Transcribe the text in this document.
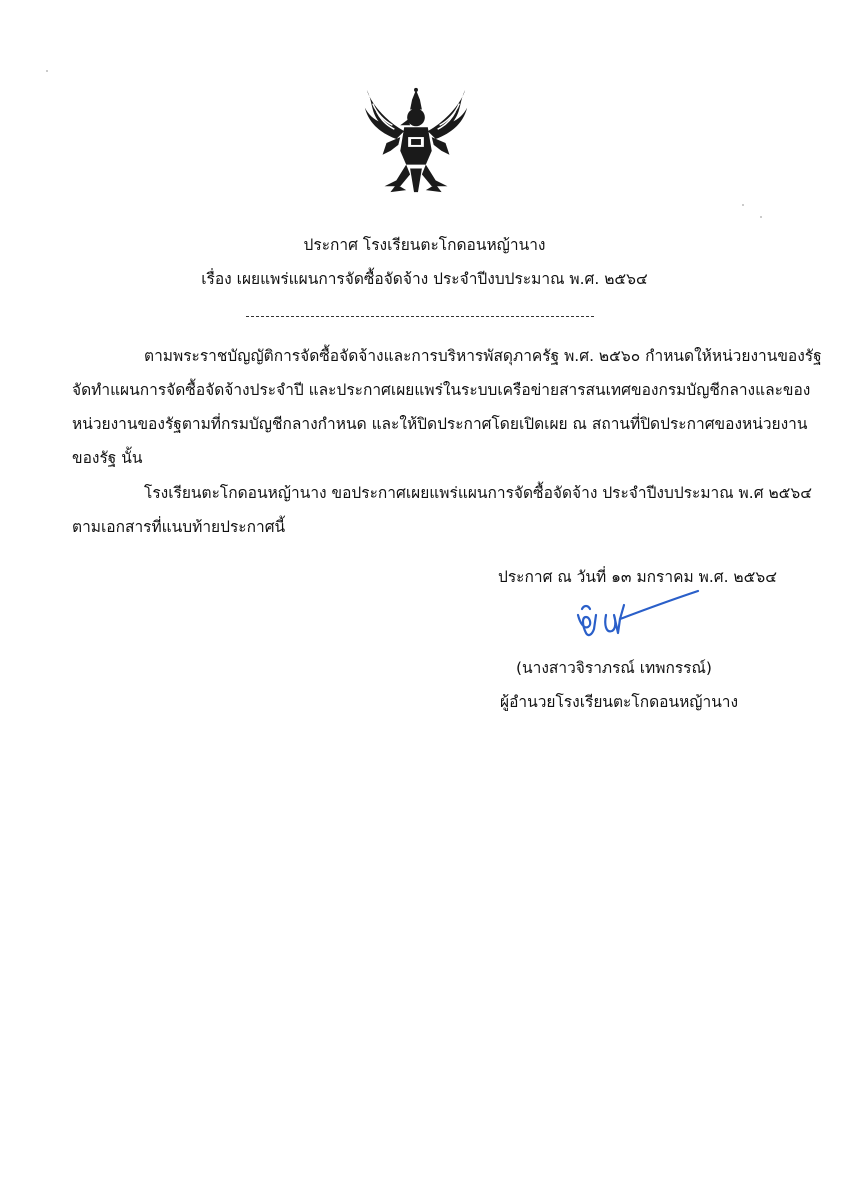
ประกาศ โรงเรียนตะโกดอนหญ้านาง
เรื่อง เผยแพร่แผนการจัดซื้อจัดจ้าง ประจำปีงบประมาณ พ.ศ. ๒๕๖๔
ตามพระราชบัญญัติการจัดซื้อจัดจ้างและการบริหารพัสดุภาครัฐ พ.ศ. ๒๕๖๐ กำหนดให้หน่วยงานของรัฐ
จัดทำแผนการจัดซื้อจัดจ้างประจำปี และประกาศเผยแพร่ในระบบเครือข่ายสารสนเทศของกรมบัญชีกลางและของ
หน่วยงานของรัฐตามที่กรมบัญชีกลางกำหนด และให้ปิดประกาศโดยเปิดเผย ณ สถานที่ปิดประกาศของหน่วยงาน
ของรัฐ นั้น
โรงเรียนตะโกดอนหญ้านาง ขอประกาศเผยแพร่แผนการจัดซื้อจัดจ้าง ประจำปีงบประมาณ พ.ศ ๒๕๖๔
ตามเอกสารที่แนบท้ายประกาศนี้
ประกาศ ณ วันที่ ๑๓ มกราคม พ.ศ. ๒๕๖๔
(นางสาวจิราภรณ์ เทพกรรณ์)
ผู้อำนวยโรงเรียนตะโกดอนหญ้านาง
